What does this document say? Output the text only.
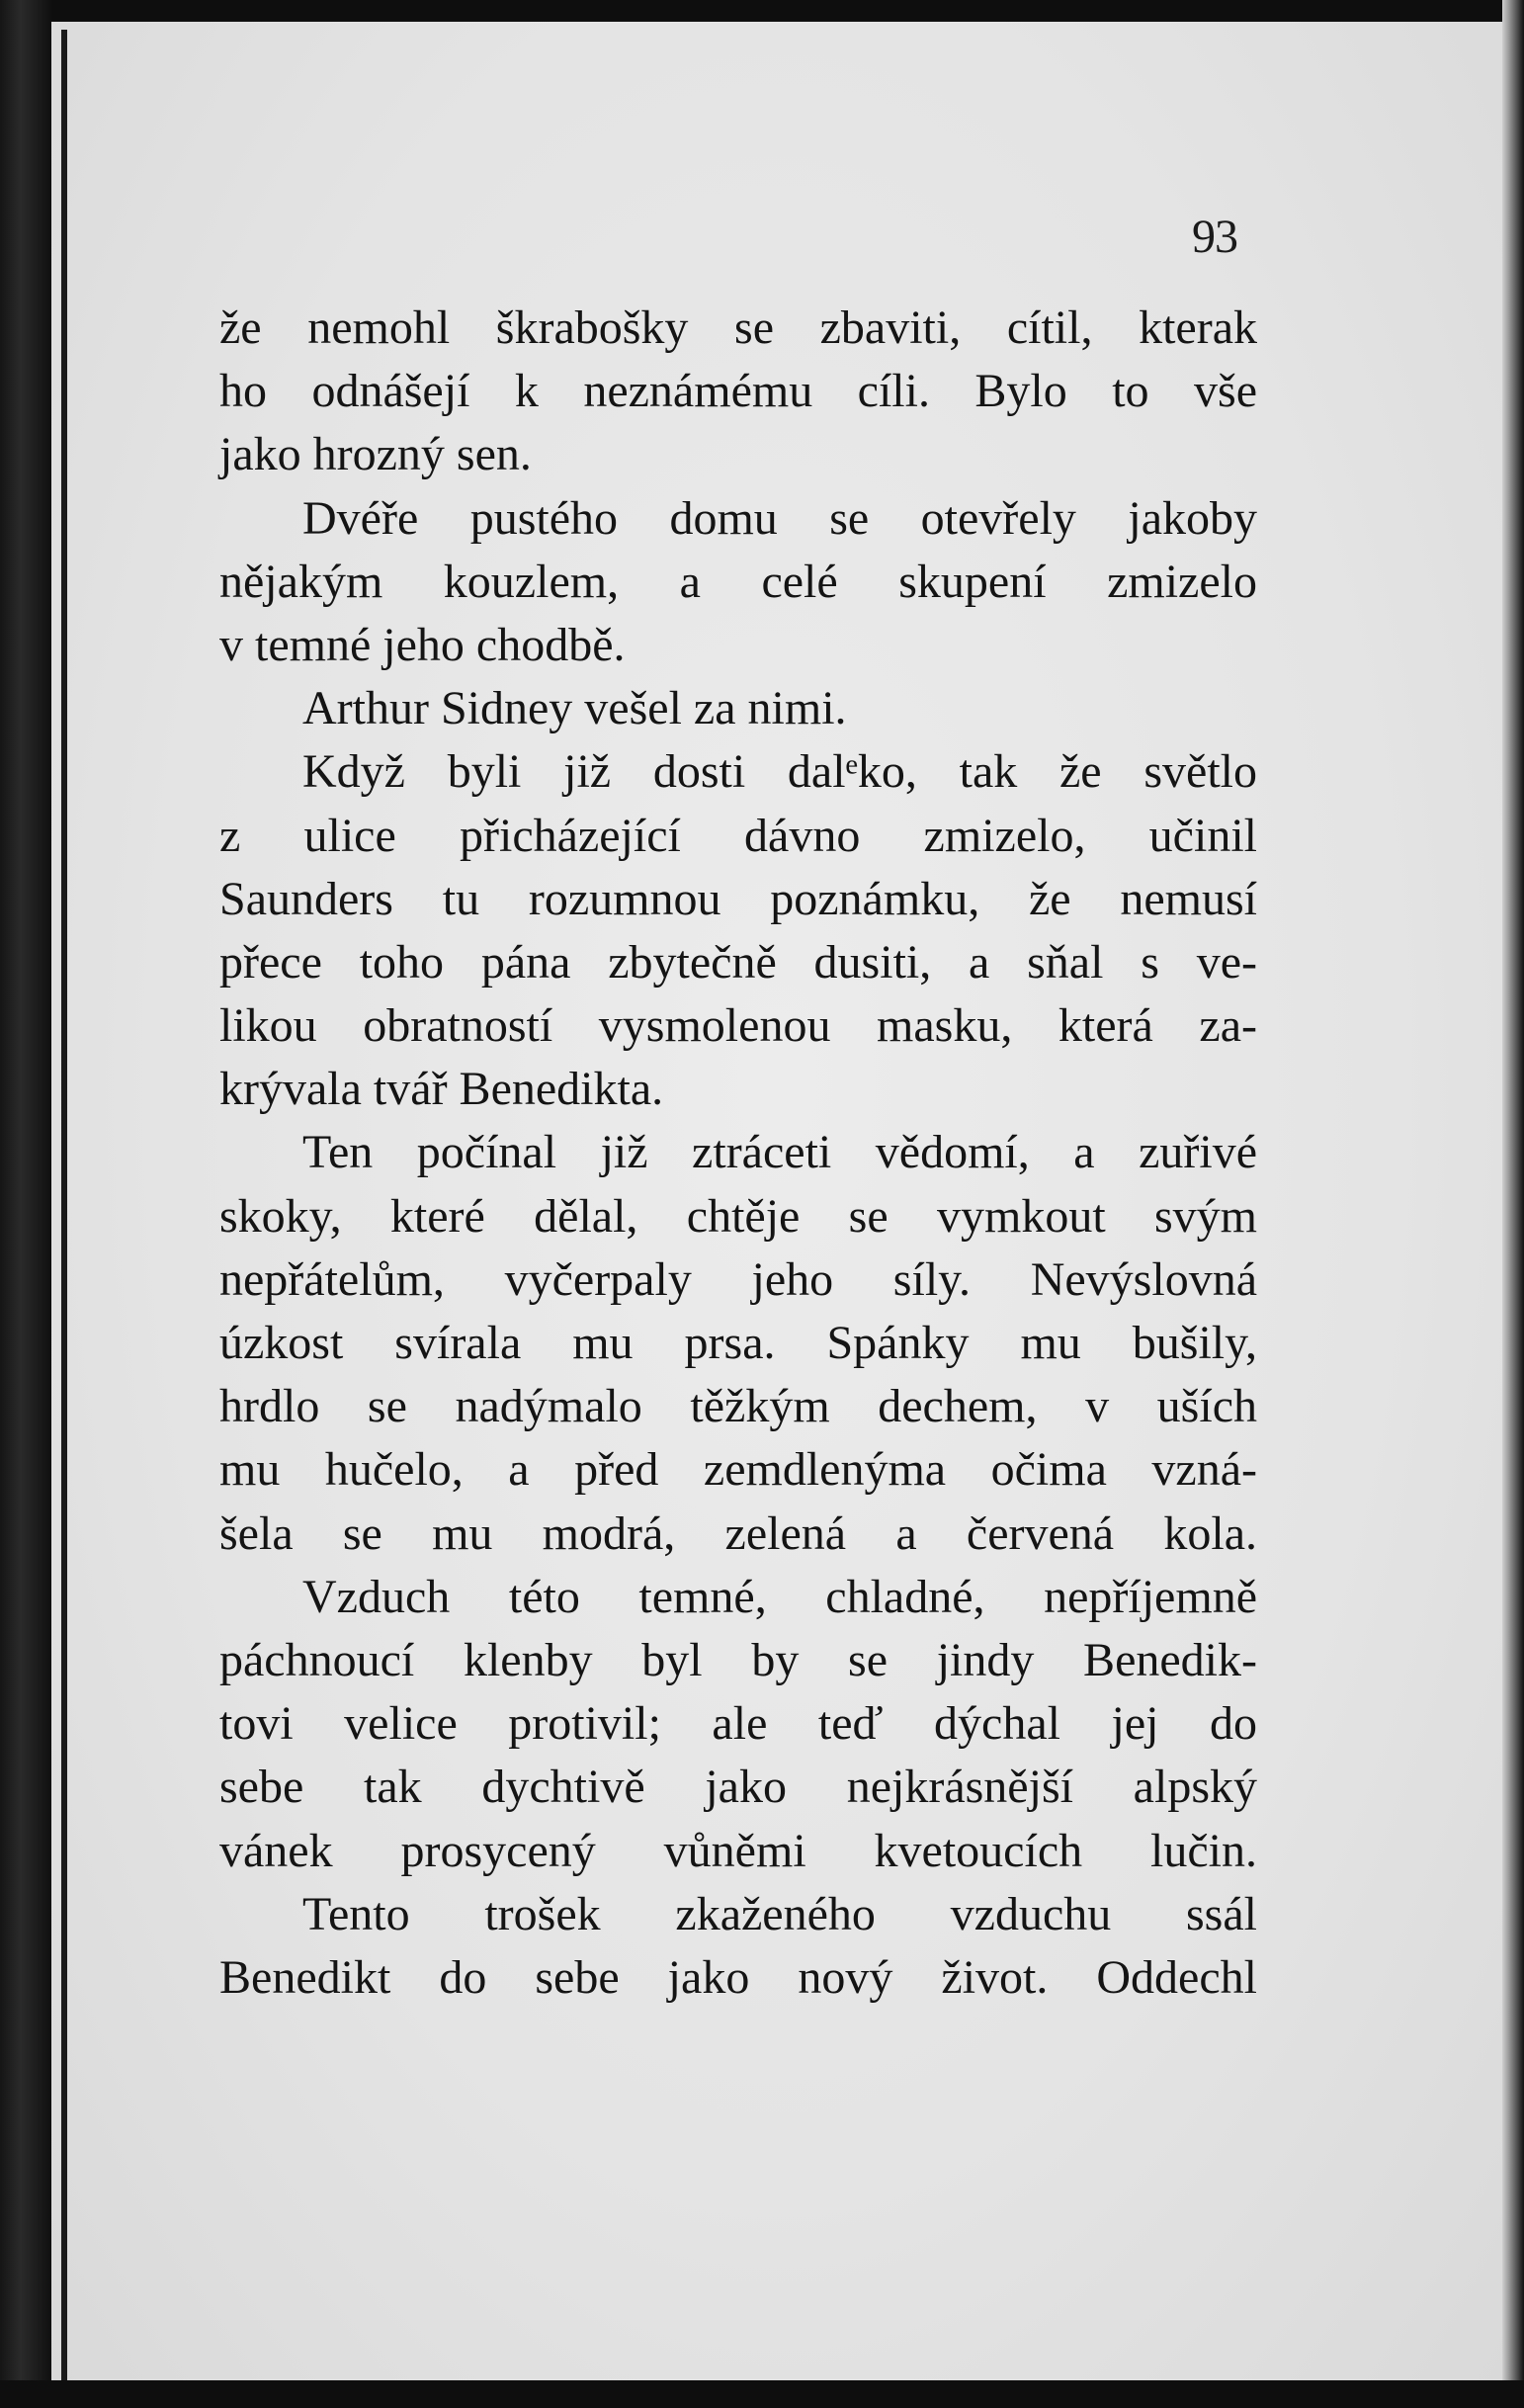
93
že nemohl škrabošky se zbaviti, cítil, kterak
ho odnášejí k neznámému cíli. Bylo to vše
jako hrozný sen.
Dvéře pustého domu se otevřely jakoby
nějakým kouzlem, a celé skupení zmizelo
v temné jeho chodbě.
Arthur Sidney vešel za nimi.
Když byli již dosti dalᵉko, tak že světlo
z ulice přicházející dávno zmizelo, učinil
Saunders tu rozumnou poznámku, že nemusí
přece toho pána zbytečně dusiti, a sňal s ve-
likou obratností vysmolenou masku, která za-
krývala tvář Benedikta.
Ten počínal již ztráceti vědomí, a zuřivé
skoky, které dělal, chtěje se vymkout svým
nepřátelům, vyčerpaly jeho síly. Nevýslovná
úzkost svírala mu prsa. Spánky mu bušily,
hrdlo se nadýmalo těžkým dechem, v uších
mu hučelo, a před zemdlenýma očima vzná-
šela se mu modrá, zelená a červená kola.
Vzduch této temné, chladné, nepříjemně
páchnoucí klenby byl by se jindy Benedik-
tovi velice protivil; ale teď dýchal jej do
sebe tak dychtivě jako nejkrásnější alpský
vánek prosycený vůněmi kvetoucích lučin.
Tento trošek zkaženého vzduchu ssál
Benedikt do sebe jako nový život. Oddechl
